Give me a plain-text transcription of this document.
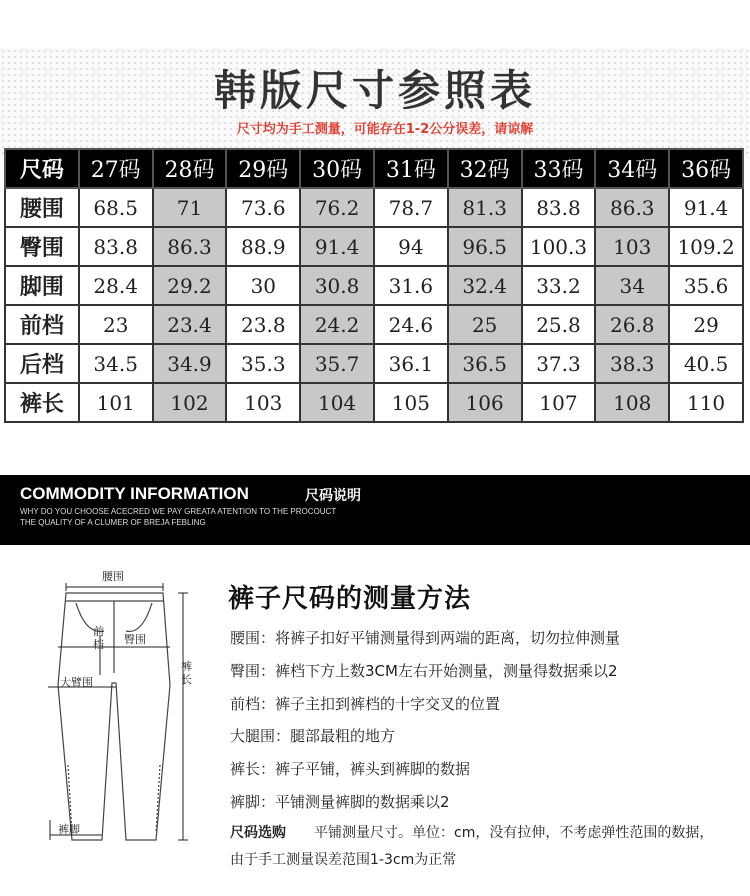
韩版尺寸参照表
尺寸均为手工测量，可能存在1-2公分误差，请谅解
尺码	27码	28码	29码	30码	31码	32码	33码	34码	36码
腰围	68.5	71	73.6	76.2	78.7	81.3	83.8	86.3	91.4
臀围	83.8	86.3	88.9	91.4	94	96.5	100.3	103	109.2
脚围	28.4	29.2	30	30.8	31.6	32.4	33.2	34	35.6
前档	23	23.4	23.8	24.2	24.6	25	25.8	26.8	29
后档	34.5	34.9	35.3	35.7	36.1	36.5	37.3	38.3	40.5
裤长	101	102	103	104	105	106	107	108	110
COMMODITY INFORMATION	尺码说明
WHY DO YOU CHOOSE ACECRED WE PAY GREATA ATENTION TO THE PROCOUCT
THE QUALITY OF A CLUMER OF BREJA FEBLING
腰围
前
档 臀围
裤
长
大臂围
裤脚
裤子尺码的测量方法
腰围：将裤子扣好平铺测量得到两端的距离，切勿拉伸测量
臀围：裤档下方上数3CM左右开始测量，测量得数据乘以2
前档：裤子主扣到裤档的十字交叉的位置
大腿围：腿部最粗的地方
裤长：裤子平铺，裤头到裤脚的数据
裤脚：平铺测量裤脚的数据乘以2
尺码选购 平铺测量尺寸。单位：cm，没有拉伸，不考虑弹性范围的数据，
由于手工测量误差范围1-3cm为正常
